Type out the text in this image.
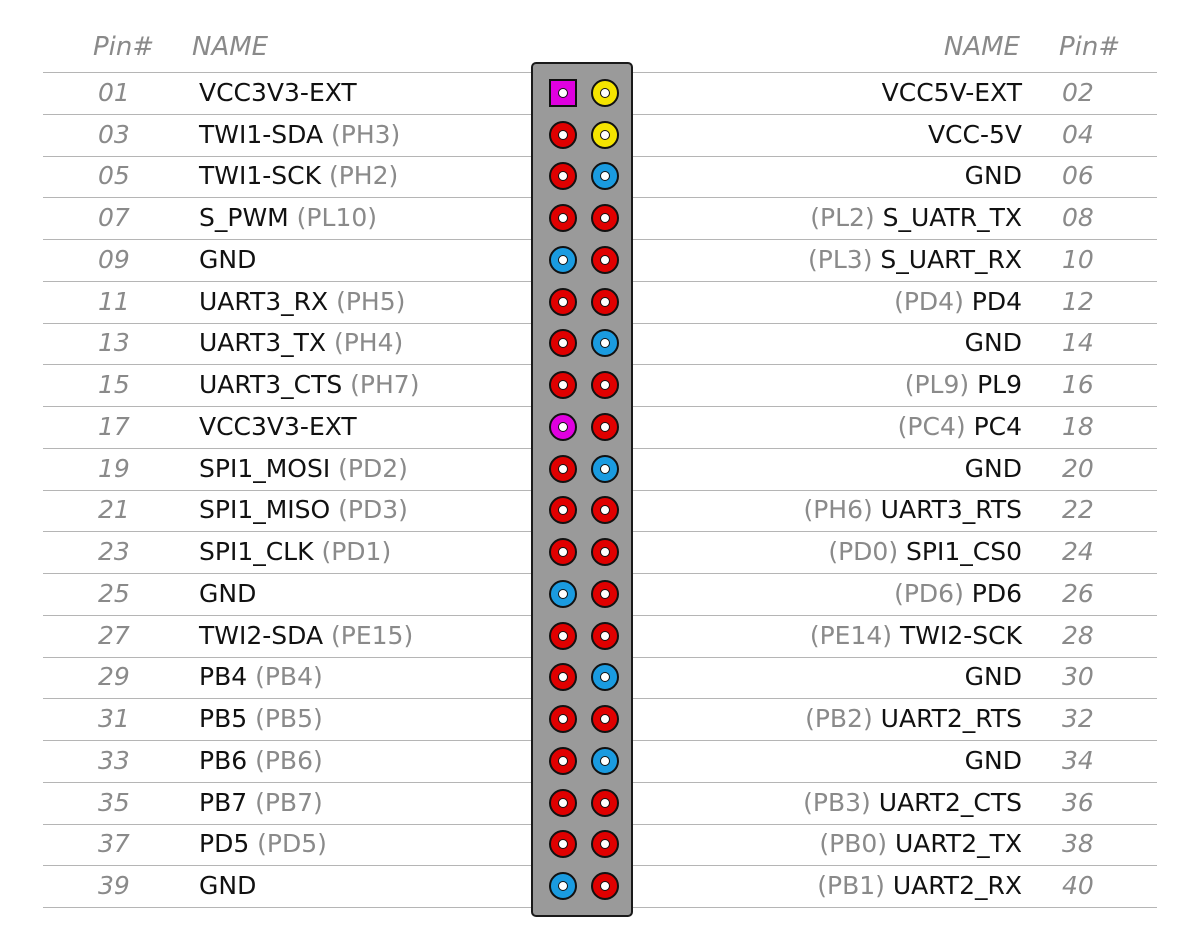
Pin# NAME	NAME Pin#
01	VCC3V3-EXT	VCC5V-EXT 02
03	TWI1-SDA (PH3)	VCC-5V 04
05	TWI1-SCK (PH2)	GND 06
07	S_PWM (PL10)	(PL2) S_UATR_TX 08
09	GND	(PL3) S_UART_RX 10
11	UART3_RX (PH5)	(PD4) PD4 12
13	UART3_TX (PH4)	GND 14
15	UART3_CTS (PH7)	(PL9) PL9 16
17	VCC3V3-EXT	(PC4) PC4 18
19	SPI1_MOSI (PD2)	GND 20
21	SPI1_MISO (PD3)	(PH6) UART3_RTS 22
23	SPI1_CLK (PD1)	(PD0) SPI1_CS0 24
25	GND	(PD6) PD6 26
27	TWI2-SDA (PE15)	(PE14) TWI2-SCK 28
29	PB4 (PB4)	GND 30
31	PB5 (PB5)	(PB2) UART2_RTS 32
33	PB6 (PB6)	GND 34
35	PB7 (PB7)	(PB3) UART2_CTS 36
37	PD5 (PD5)	(PB0) UART2_TX 38
39	GND	(PB1) UART2_RX 40
